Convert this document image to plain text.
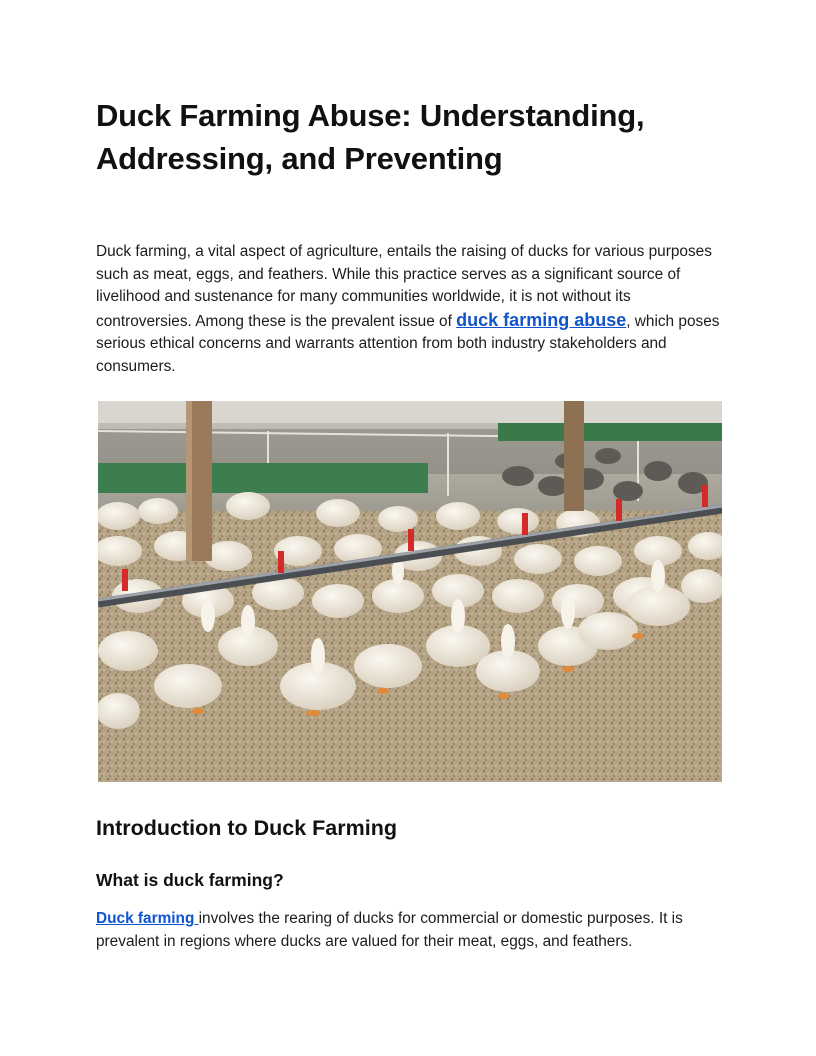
Duck Farming Abuse: Understanding, Addressing, and Preventing

Duck farming, a vital aspect of agriculture, entails the raising of ducks for various purposes such as meat, eggs, and feathers. While this practice serves as a significant source of livelihood and sustenance for many communities worldwide, it is not without its controversies. Among these is the prevalent issue of duck farming abuse, which poses serious ethical concerns and warrants attention from both industry stakeholders and consumers.

Introduction to Duck Farming
What is duck farming?

Duck farming involves the rearing of ducks for commercial or domestic purposes. It is prevalent in regions where ducks are valued for their meat, eggs, and feathers.
